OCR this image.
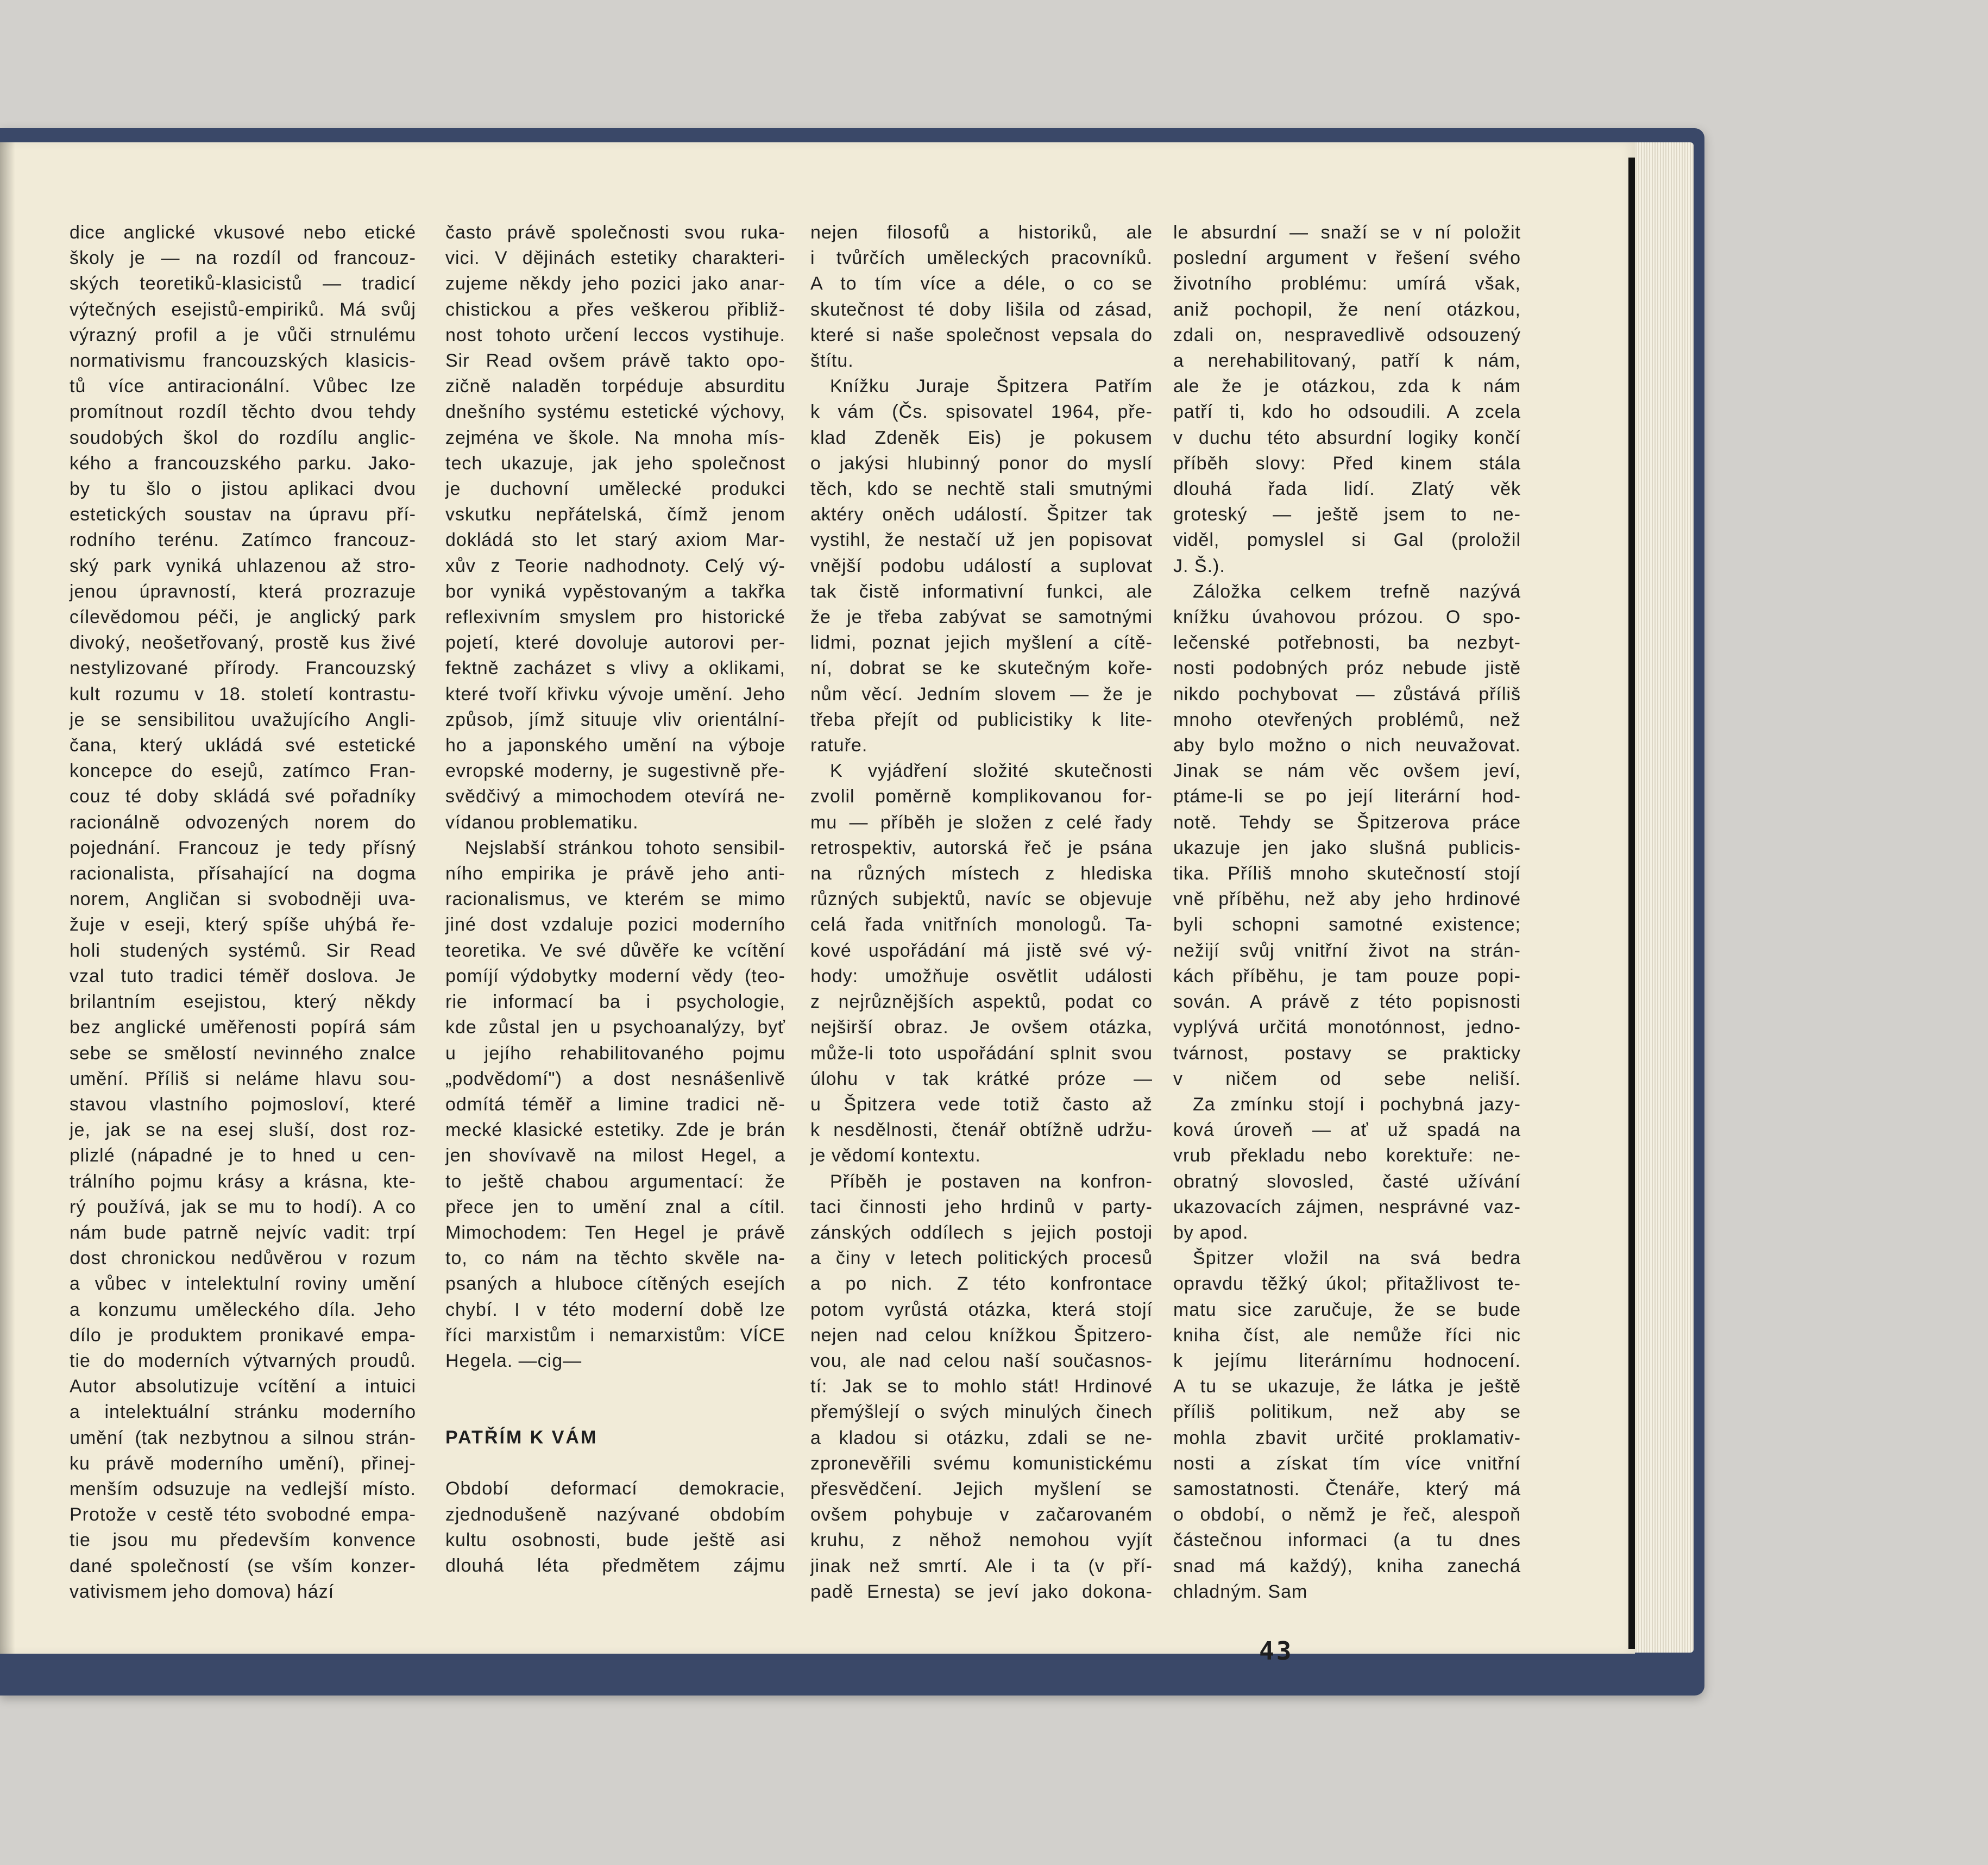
dice anglické vkusové nebo etické
školy je — na rozdíl od francouz-
ských teoretiků-klasicistů — tradicí
výtečných esejistů-empiriků. Má svůj
výrazný profil a je vůči strnulému
normativismu francouzských klasicis-
tů více antiracionální. Vůbec lze
promítnout rozdíl těchto dvou tehdy
soudobých škol do rozdílu anglic-
kého a francouzského parku. Jako-
by tu šlo o jistou aplikaci dvou
estetických soustav na úpravu pří-
rodního terénu. Zatímco francouz-
ský park vyniká uhlazenou až stro-
jenou úpravností, která prozrazuje
cílevědomou péči, je anglický park
divoký, neošetřovaný, prostě kus živé
nestylizované přírody. Francouzský
kult rozumu v 18. století kontrastu-
je se sensibilitou uvažujícího Angli-
čana, který ukládá své estetické
koncepce do esejů, zatímco Fran-
couz té doby skládá své pořadníky
racionálně odvozených norem do
pojednání. Francouz je tedy přísný
racionalista, přísahající na dogma
norem, Angličan si svobodněji uva-
žuje v eseji, který spíše uhýbá ře-
holi studených systémů. Sir Read
vzal tuto tradici téměř doslova. Je
brilantním esejistou, který někdy
bez anglické uměřenosti popírá sám
sebe se smělostí nevinného znalce
umění. Příliš si neláme hlavu sou-
stavou vlastního pojmosloví, které
je, jak se na esej sluší, dost roz-
plizlé (nápadné je to hned u cen-
trálního pojmu krásy a krásna, kte-
rý používá, jak se mu to hodí). A co
nám bude patrně nejvíc vadit: trpí
dost chronickou nedůvěrou v rozum
a vůbec v intelektulní roviny umění
a konzumu uměleckého díla. Jeho
dílo je produktem pronikavé empa-
tie do moderních výtvarných proudů.
Autor absolutizuje vcítění a intuici
a intelektuální stránku moderního
umění (tak nezbytnou a silnou strán-
ku právě moderního umění), přinej-
menším odsuzuje na vedlejší místo.
Protože v cestě této svobodné empa-
tie jsou mu především konvence
dané společností (se vším konzer-
vativismem jeho domova) hází
často právě společnosti svou ruka-
vici. V dějinách estetiky charakteri-
zujeme někdy jeho pozici jako anar-
chistickou a přes veškerou přibliž-
nost tohoto určení leccos vystihuje.
Sir Read ovšem právě takto opo-
zičně naladěn torpéduje absurditu
dnešního systému estetické výchovy,
zejména ve škole. Na mnoha mís-
tech ukazuje, jak jeho společnost
je duchovní umělecké produkci
vskutku nepřátelská, čímž jenom
dokládá sto let starý axiom Mar-
xův z Teorie nadhodnoty. Celý vý-
bor vyniká vypěstovaným a takřka
reflexivním smyslem pro historické
pojetí, které dovoluje autorovi per-
fektně zacházet s vlivy a oklikami,
které tvoří křivku vývoje umění. Jeho
způsob, jímž situuje vliv orientální-
ho a japonského umění na výboje
evropské moderny, je sugestivně pře-
svědčivý a mimochodem otevírá ne-
vídanou problematiku.
Nejslabší stránkou tohoto sensibil-
ního empirika je právě jeho anti-
racionalismus, ve kterém se mimo
jiné dost vzdaluje pozici moderního
teoretika. Ve své důvěře ke vcítění
pomíjí výdobytky moderní vědy (teo-
rie informací ba i psychologie,
kde zůstal jen u psychoanalýzy, byť
u jejího rehabilitovaného pojmu
„podvědomí") a dost nesnášenlivě
odmítá téměř a limine tradici ně-
mecké klasické estetiky. Zde je brán
jen shovívavě na milost Hegel, a
to ještě chabou argumentací: že
přece jen to umění znal a cítil.
Mimochodem: Ten Hegel je právě
to, co nám na těchto skvěle na-
psaných a hluboce cítěných esejích
chybí. I v této moderní době lze
říci marxistům i nemarxistům: VÍCE
Hegela. —cig—
PATŘÍM K VÁM
Období deformací demokracie,
zjednodušeně nazývané obdobím
kultu osobnosti, bude ještě asi
dlouhá léta předmětem zájmu
nejen filosofů a historiků, ale
i tvůrčích uměleckých pracovníků.
A to tím více a déle, o co se
skutečnost té doby lišila od zásad,
které si naše společnost vepsala do
štítu.
Knížku Juraje Špitzera Patřím
k vám (Čs. spisovatel 1964, pře-
klad Zdeněk Eis) je pokusem
o jakýsi hlubinný ponor do myslí
těch, kdo se nechtě stali smutnými
aktéry oněch událostí. Špitzer tak
vystihl, že nestačí už jen popisovat
vnější podobu událostí a suplovat
tak čistě informativní funkci, ale
že je třeba zabývat se samotnými
lidmi, poznat jejich myšlení a cítě-
ní, dobrat se ke skutečným koře-
nům věcí. Jedním slovem — že je
třeba přejít od publicistiky k lite-
ratuře.
K vyjádření složité skutečnosti
zvolil poměrně komplikovanou for-
mu — příběh je složen z celé řady
retrospektiv, autorská řeč je psána
na různých místech z hlediska
různých subjektů, navíc se objevuje
celá řada vnitřních monologů. Ta-
kové uspořádání má jistě své vý-
hody: umožňuje osvětlit události
z nejrůznějších aspektů, podat co
nejširší obraz. Je ovšem otázka,
může-li toto uspořádání splnit svou
úlohu v tak krátké próze —
u Špitzera vede totiž často až
k nesdělnosti, čtenář obtížně udržu-
je vědomí kontextu.
Příběh je postaven na konfron-
taci činnosti jeho hrdinů v party-
zánských oddílech s jejich postoji
a činy v letech politických procesů
a po nich. Z této konfrontace
potom vyrůstá otázka, která stojí
nejen nad celou knížkou Špitzero-
vou, ale nad celou naší současnos-
tí: Jak se to mohlo stát! Hrdinové
přemýšlejí o svých minulých činech
a kladou si otázku, zdali se ne-
zpronevěřili svému komunistickému
přesvědčení. Jejich myšlení se
ovšem pohybuje v začarovaném
kruhu, z něhož nemohou vyjít
jinak než smrtí. Ale i ta (v pří-
padě Ernesta) se jeví jako dokona-
le absurdní — snaží se v ní položit
poslední argument v řešení svého
životního problému: umírá však,
aniž pochopil, že není otázkou,
zdali on, nespravedlivě odsouzený
a nerehabilitovaný, patří k nám,
ale že je otázkou, zda k nám
patří ti, kdo ho odsoudili. A zcela
v duchu této absurdní logiky končí
příběh slovy: Před kinem stála
dlouhá řada lidí. Zlatý věk
groteský — ještě jsem to ne-
viděl, pomyslel si Gal (proložil
J. Š.).
Záložka celkem trefně nazývá
knížku úvahovou prózou. O spo-
lečenské potřebnosti, ba nezbyt-
nosti podobných próz nebude jistě
nikdo pochybovat — zůstává příliš
mnoho otevřených problémů, než
aby bylo možno o nich neuvažovat.
Jinak se nám věc ovšem jeví,
ptáme-li se po její literární hod-
notě. Tehdy se Špitzerova práce
ukazuje jen jako slušná publicis-
tika. Příliš mnoho skutečností stojí
vně příběhu, než aby jeho hrdinové
byli schopni samotné existence;
nežijí svůj vnitřní život na strán-
kách příběhu, je tam pouze popi-
sován. A právě z této popisnosti
vyplývá určitá monotónnost, jedno-
tvárnost, postavy se prakticky
v ničem od sebe neliší.
Za zmínku stojí i pochybná jazy-
ková úroveň — ať už spadá na
vrub překladu nebo korektuře: ne-
obratný slovosled, časté užívání
ukazovacích zájmen, nesprávné vaz-
by apod.
Špitzer vložil na svá bedra
opravdu těžký úkol; přitažlivost te-
matu sice zaručuje, že se bude
kniha číst, ale nemůže říci nic
k jejímu literárnímu hodnocení.
A tu se ukazuje, že látka je ještě
příliš politikum, než aby se
mohla zbavit určité proklamativ-
nosti a získat tím více vnitřní
samostatnosti. Čtenáře, který má
o období, o němž je řeč, alespoň
částečnou informaci (a tu dnes
snad má každý), kniha zanechá
chladným. Sam
43
